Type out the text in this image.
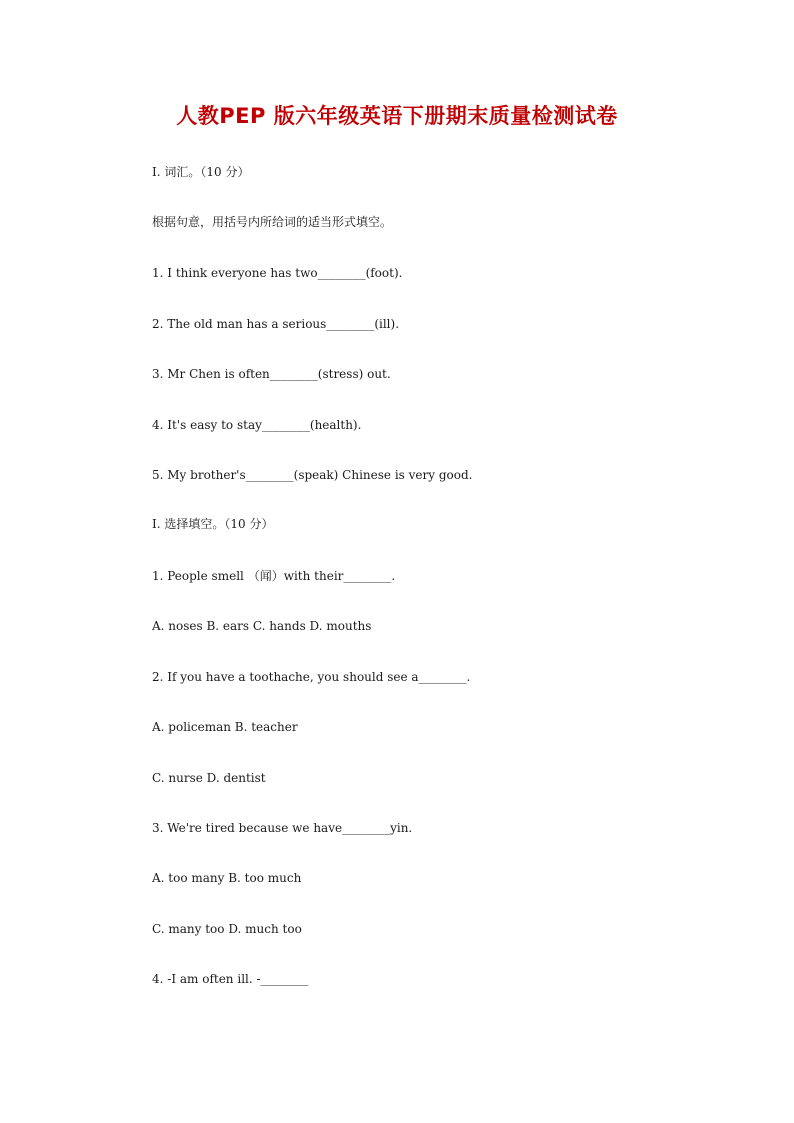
人教PEP 版六年级英语下册期末质量检测试卷
I. 词汇。（10 分）
根据句意，用括号内所给词的适当形式填空。
1. I think everyone has two________(foot).
2. The old man has a serious________(ill).
3. Mr Chen is often________(stress) out.
4. It's easy to stay________(health).
5. My brother's________(speak) Chinese is very good.
I. 选择填空。（10 分）
1. People smell （闻）with their________.
A. noses B. ears C. hands D. mouths
2. If you have a toothache, you should see a________.
A. policeman B. teacher
C. nurse D. dentist
3. We're tired because we have________yin.
A. too many B. too much
C. many too D. much too
4. -I am often ill. -________
